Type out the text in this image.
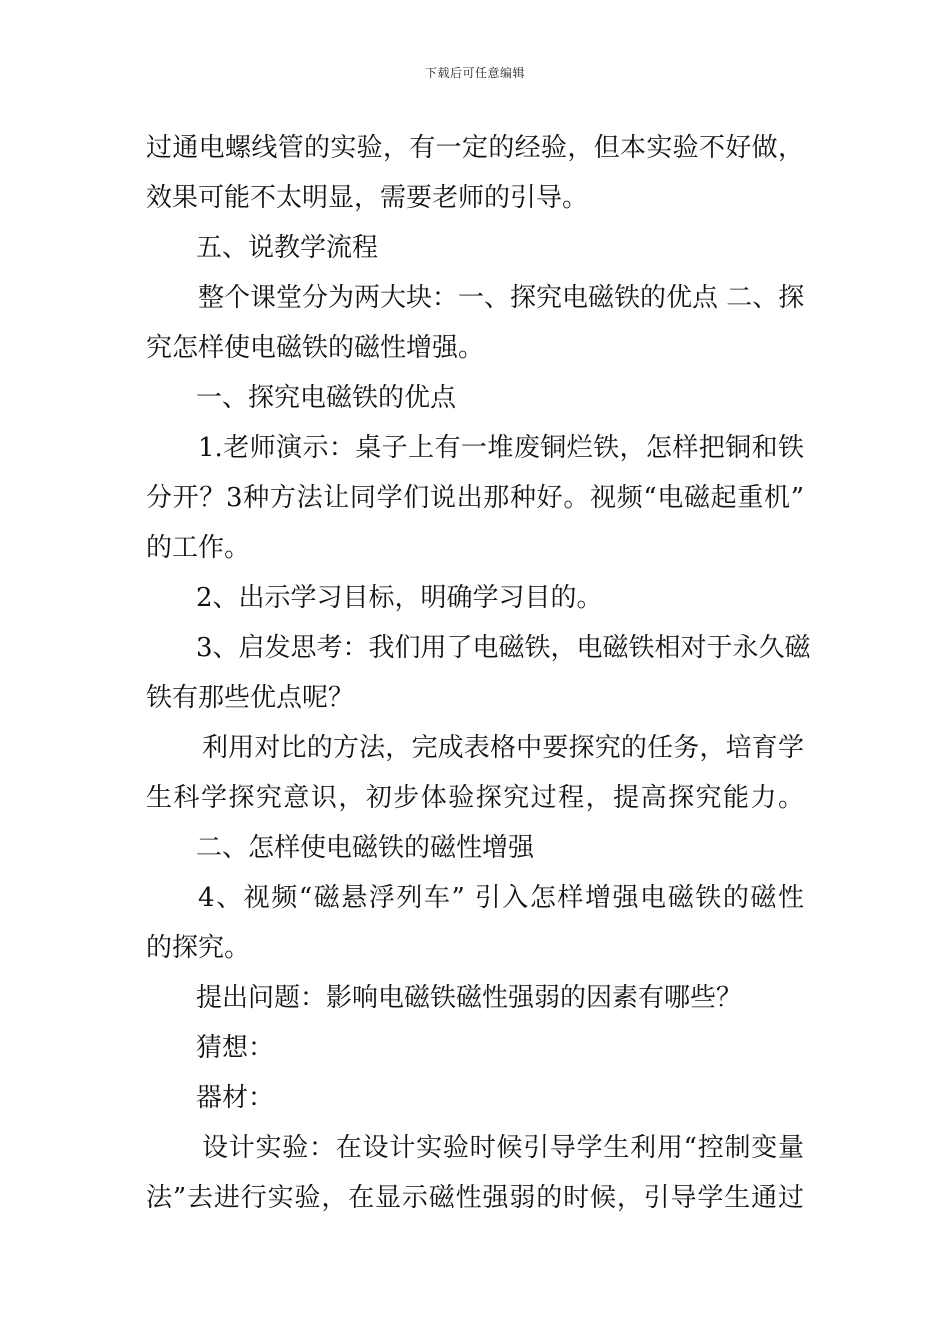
下载后可任意编辑
过通电螺线管的实验，有一定的经验，但本实验不好做，
效果可能不太明显，需要老师的引导。
五、说教学流程
整个课堂分为两大块：一、探究电磁铁的优点 二、探
究怎样使电磁铁的磁性增强。
一、探究电磁铁的优点
1.老师演示：桌子上有一堆废铜烂铁，怎样把铜和铁
分开？3种方法让同学们说出那种好。视频“电磁起重机”
的工作。
2、出示学习目标，明确学习目的。
3、启发思考：我们用了电磁铁，电磁铁相对于永久磁
铁有那些优点呢？
利用对比的方法，完成表格中要探究的任务，培育学
生科学探究意识，初步体验探究过程，提高探究能力。
二、怎样使电磁铁的磁性增强
4、视频“磁悬浮列车” 引入怎样增强电磁铁的磁性
的探究。
提出问题：影响电磁铁磁性强弱的因素有哪些？
猜想：
器材：
设计实验：在设计实验时候引导学生利用“控制变量
法”去进行实验，在显示磁性强弱的时候，引导学生通过
